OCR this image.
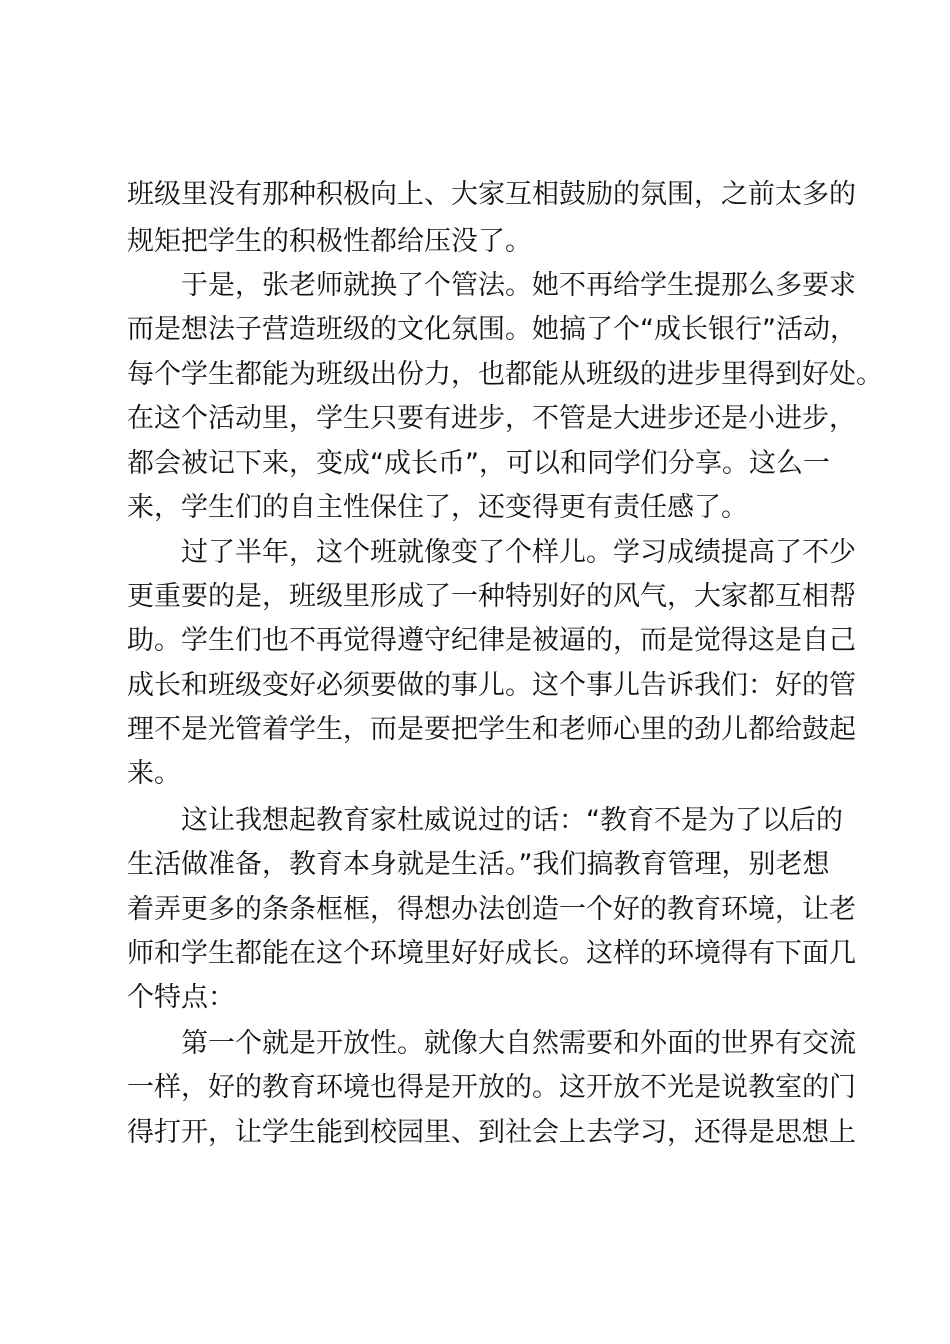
班级里没有那种积极向上、大家互相鼓励的氛围，之前太多的
规矩把学生的积极性都给压没了。
　　于是，张老师就换了个管法。她不再给学生提那么多要求
而是想法子营造班级的文化氛围。她搞了个“成长银行”活动，
每个学生都能为班级出份力，也都能从班级的进步里得到好处。
在这个活动里，学生只要有进步，不管是大进步还是小进步，
都会被记下来，变成“成长币”，可以和同学们分享。这么一
来，学生们的自主性保住了，还变得更有责任感了。
　　过了半年，这个班就像变了个样儿。学习成绩提高了不少
更重要的是，班级里形成了一种特别好的风气，大家都互相帮
助。学生们也不再觉得遵守纪律是被逼的，而是觉得这是自己
成长和班级变好必须要做的事儿。这个事儿告诉我们：好的管
理不是光管着学生，而是要把学生和老师心里的劲儿都给鼓起
来。
　　这让我想起教育家杜威说过的话：“教育不是为了以后的
生活做准备，教育本身就是生活。”我们搞教育管理，别老想
着弄更多的条条框框，得想办法创造一个好的教育环境，让老
师和学生都能在这个环境里好好成长。这样的环境得有下面几
个特点：
　　第一个就是开放性。就像大自然需要和外面的世界有交流
一样，好的教育环境也得是开放的。这开放不光是说教室的门
得打开，让学生能到校园里、到社会上去学习，还得是思想上
